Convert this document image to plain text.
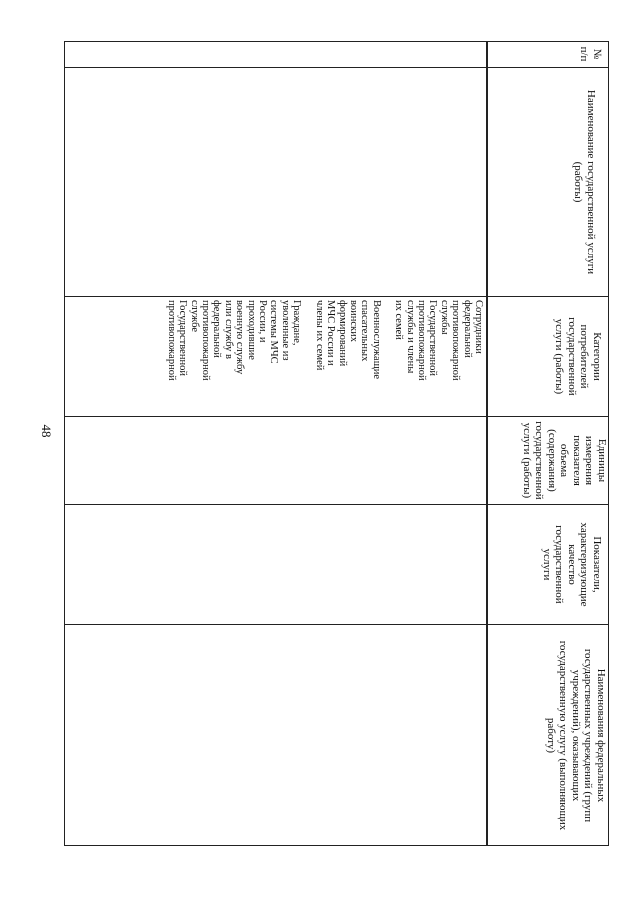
48
№ п/п
Наименование государственной услуги (работы)
Категории потребителей государственной услуги (работы)
Единицы измерения показателя объема (содержания) государственной услуги (работы)
Показатели, характеризующие качество государственной услуги
Наименования федеральных государственных учреждений (групп учреждений), оказывающих государственную услугу (выполняющих работу)
Сотрудники
федеральной
противопожарной
службы
Государственной
противопожарной
службы и члены
их семей
Военнослужащие
спасательных
воинских
формирований
МЧС России и
члены их семей
Граждане,
уволенные из
системы МЧС
России, и
проходившие
военную службу
или службу в
федеральной
противопожарной
службе
Государственной
противопожарной
